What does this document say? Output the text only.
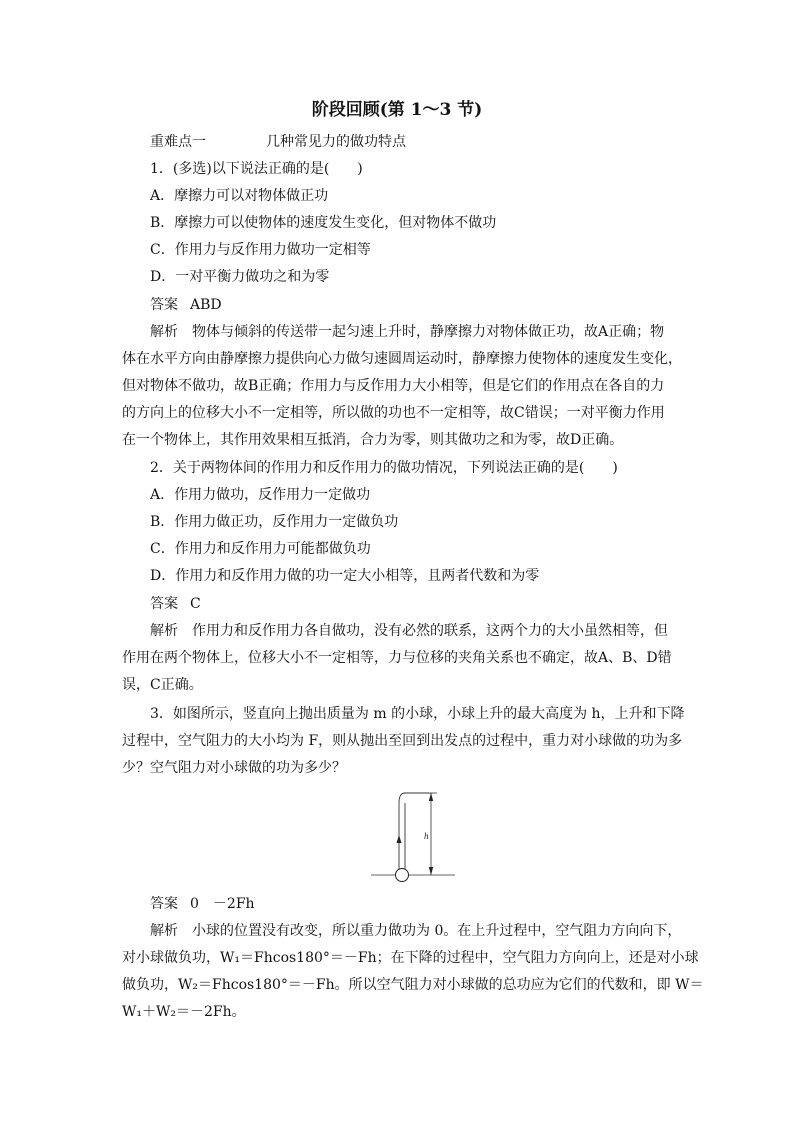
阶段回顾(第 1～3 节)
重难点一	几种常见力的做功特点
1．(多选)以下说法正确的是(　　)
A．摩擦力可以对物体做正功
B．摩擦力可以使物体的速度发生变化，但对物体不做功
C．作用力与反作用力做功一定相等
D．一对平衡力做功之和为零
答案 ABD
解析　物体与倾斜的传送带一起匀速上升时，静摩擦力对物体做正功，故A正确；物
体在水平方向由静摩擦力提供向心力做匀速圆周运动时，静摩擦力使物体的速度发生变化，
但对物体不做功，故B正确；作用力与反作用力大小相等，但是它们的作用点在各自的力
的方向上的位移大小不一定相等，所以做的功也不一定相等，故C错误；一对平衡力作用
在一个物体上，其作用效果相互抵消，合力为零，则其做功之和为零，故D正确。
2．关于两物体间的作用力和反作用力的做功情况，下列说法正确的是(　　)
A．作用力做功，反作用力一定做功
B．作用力做正功，反作用力一定做负功
C．作用力和反作用力可能都做负功
D．作用力和反作用力做的功一定大小相等，且两者代数和为零
答案 C
解析　作用力和反作用力各自做功，没有必然的联系，这两个力的大小虽然相等，但
作用在两个物体上，位移大小不一定相等，力与位移的夹角关系也不确定，故A、B、D错
误，C正确。
3．如图所示，竖直向上抛出质量为 m 的小球，小球上升的最大高度为 h，上升和下降
过程中，空气阻力的大小均为 F，则从抛出至回到出发点的过程中，重力对小球做的功为多
少？空气阻力对小球做的功为多少？
h
答案 0　－2Fh
解析　小球的位置没有改变，所以重力做功为 0。在上升过程中，空气阻力方向向下，
对小球做负功，W₁＝Fhcos180°＝－Fh；在下降的过程中，空气阻力方向向上，还是对小球
做负功，W₂＝Fhcos180°＝－Fh。所以空气阻力对小球做的总功应为它们的代数和，即 W＝
W₁＋W₂＝－2Fh。
